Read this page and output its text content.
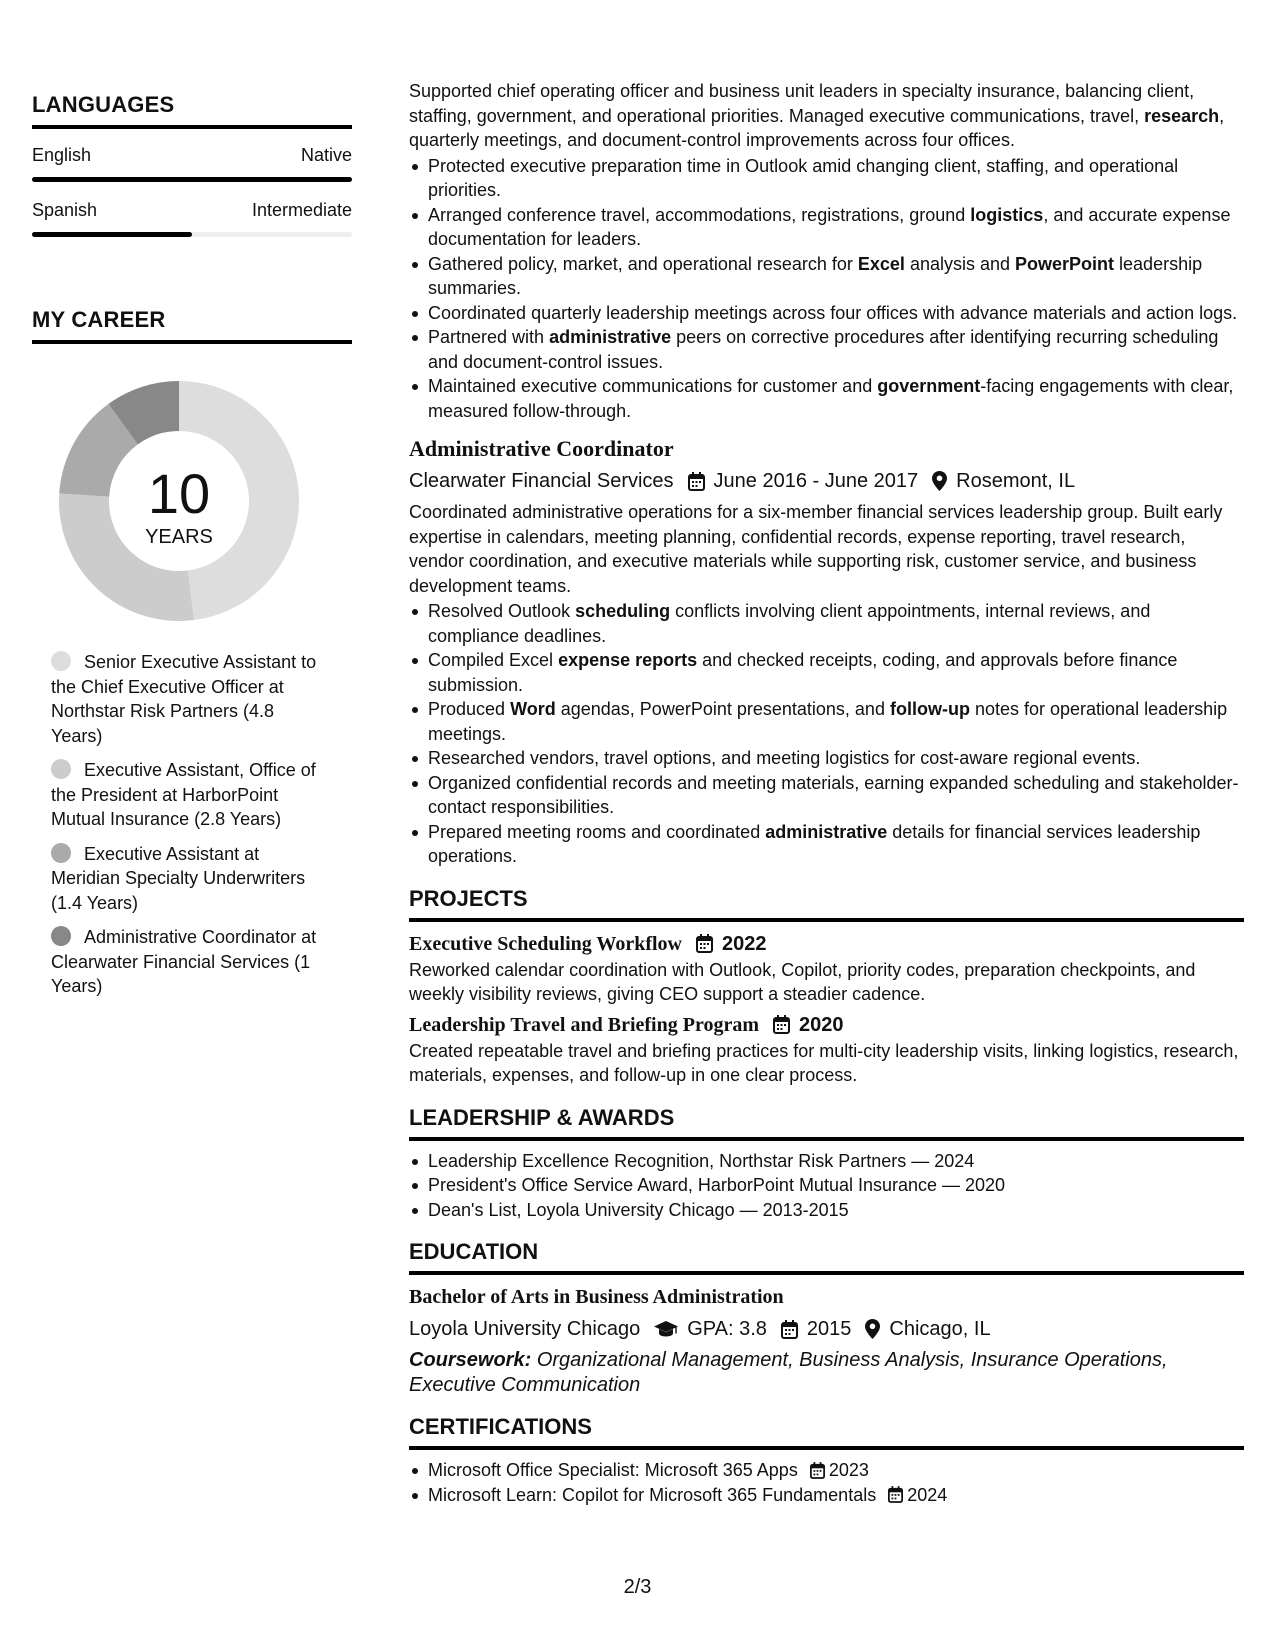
LANGUAGES
English	Native
Spanish	Intermediate
MY CAREER
10
YEARS
Senior Executive Assistant to the Chief Executive Officer at Northstar Risk Partners (4.8 Years)
Executive Assistant, Office of the President at HarborPoint Mutual Insurance (2.8 Years)
Executive Assistant at Meridian Specialty Underwriters (1.4 Years)
Administrative Coordinator at Clearwater Financial Services (1 Years)

Supported chief operating officer and business unit leaders in specialty insurance, balancing client, staffing, government, and operational priorities. Managed executive communications, travel, research, quarterly meetings, and document-control improvements across four offices.

Protected executive preparation time in Outlook amid changing client, staffing, and operational priorities.
Arranged conference travel, accommodations, registrations, ground logistics, and accurate expense documentation for leaders.
Gathered policy, market, and operational research for Excel analysis and PowerPoint leadership summaries.
Coordinated quarterly leadership meetings across four offices with advance materials and action logs.
Partnered with administrative peers on corrective procedures after identifying recurring scheduling and document-control issues.
Maintained executive communications for customer and government-facing engagements with clear, measured follow-through.
Administrative Coordinator
Clearwater Financial Services June 2016 - June 2017 Rosemont, IL

Coordinated administrative operations for a six-member financial services leadership group. Built early expertise in calendars, meeting planning, confidential records, expense reporting, travel research, vendor coordination, and executive materials while supporting risk, customer service, and business development teams.

Resolved Outlook scheduling conflicts involving client appointments, internal reviews, and compliance deadlines.
Compiled Excel expense reports and checked receipts, coding, and approvals before finance submission.
Produced Word agendas, PowerPoint presentations, and follow-up notes for operational leadership meetings.
Researched vendors, travel options, and meeting logistics for cost-aware regional events.
Organized confidential records and meeting materials, earning expanded scheduling and stakeholder-contact responsibilities.
Prepared meeting rooms and coordinated administrative details for financial services leadership operations.
PROJECTS
Executive Scheduling Workflow 2022

Reworked calendar coordination with Outlook, Copilot, priority codes, preparation checkpoints, and weekly visibility reviews, giving CEO support a steadier cadence.

Leadership Travel and Briefing Program 2020

Created repeatable travel and briefing practices for multi-city leadership visits, linking logistics, research, materials, expenses, and follow-up in one clear process.

LEADERSHIP & AWARDS
Leadership Excellence Recognition, Northstar Risk Partners — 2024
President's Office Service Award, HarborPoint Mutual Insurance — 2020
Dean's List, Loyola University Chicago — 2013-2015
EDUCATION
Bachelor of Arts in Business Administration
Loyola University Chicago GPA: 3.8 2015 Chicago, IL

Coursework: Organizational Management, Business Analysis, Insurance Operations, Executive Communication

CERTIFICATIONS
Microsoft Office Specialist: Microsoft 365 Apps 2023
Microsoft Learn: Copilot for Microsoft 365 Fundamentals 2024
2/3
